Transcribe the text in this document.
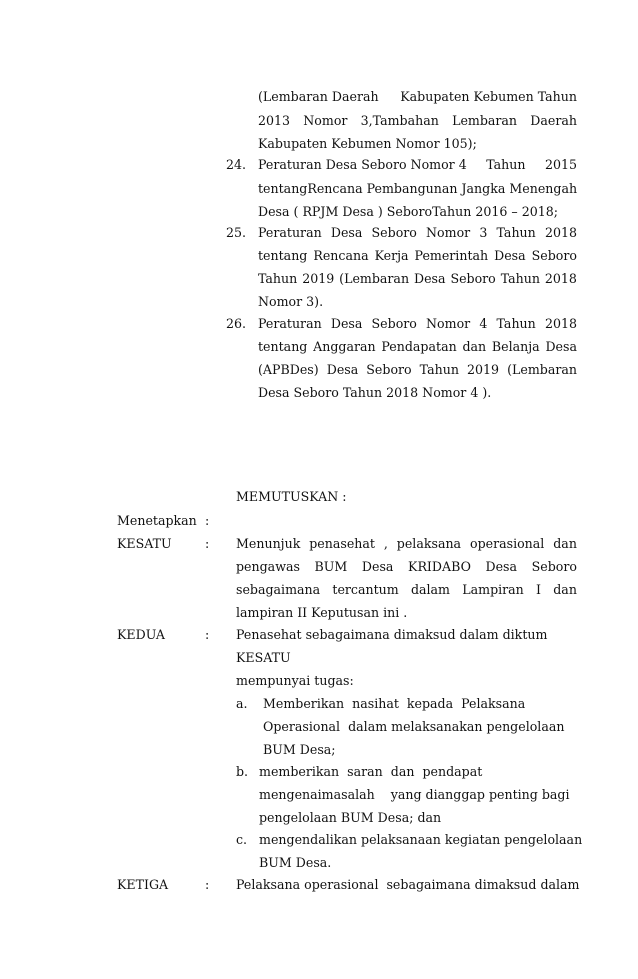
(Lembaran Daerah Kabupaten Kebumen Tahun
2013 Nomor 3,Tambahan Lembaran Daerah
Kabupaten Kebumen Nomor 105);
24. Peraturan Desa Seboro Nomor 4 Tahun 2015
tentang Rencana Pembangunan Jangka Menengah
Desa ( RPJM Desa ) SeboroTahun 2016 – 2018;
25. Peraturan Desa Seboro Nomor 3 Tahun 2018
tentang Rencana Kerja Pemerintah Desa Seboro
Tahun 2019 (Lembaran Desa Seboro Tahun 2018
Nomor 3).
26. Peraturan Desa Seboro Nomor 4 Tahun 2018
tentang Anggaran Pendapatan dan Belanja Desa
(APBDes) Desa Seboro Tahun 2019 (Lembaran
Desa Seboro Tahun 2018 Nomor 4 ).
MEMUTUSKAN :
Menetapkan :
KESATU	: Menunjuk penasehat , pelaksana operasional dan
pengawas BUM Desa KRIDABO Desa Seboro
sebagaimana tercantum dalam Lampiran I dan
lampiran II Keputusan ini .
KEDUA	: Penasehat sebagaimana dimaksud dalam diktum
KESATU
mempunyai tugas:
a. Memberikan  nasihat  kepada  Pelaksana
Operasional  dalam melaksanakan pengelolaan
BUM Desa;
b. memberikan  saran  dan  pendapat
mengenaimasalah    yang dianggap penting bagi
pengelolaan BUM Desa; dan
c. mengendalikan pelaksanaan kegiatan pengelolaan
BUM Desa.
KETIGA	: Pelaksana operasional  sebagaimana dimaksud dalam
